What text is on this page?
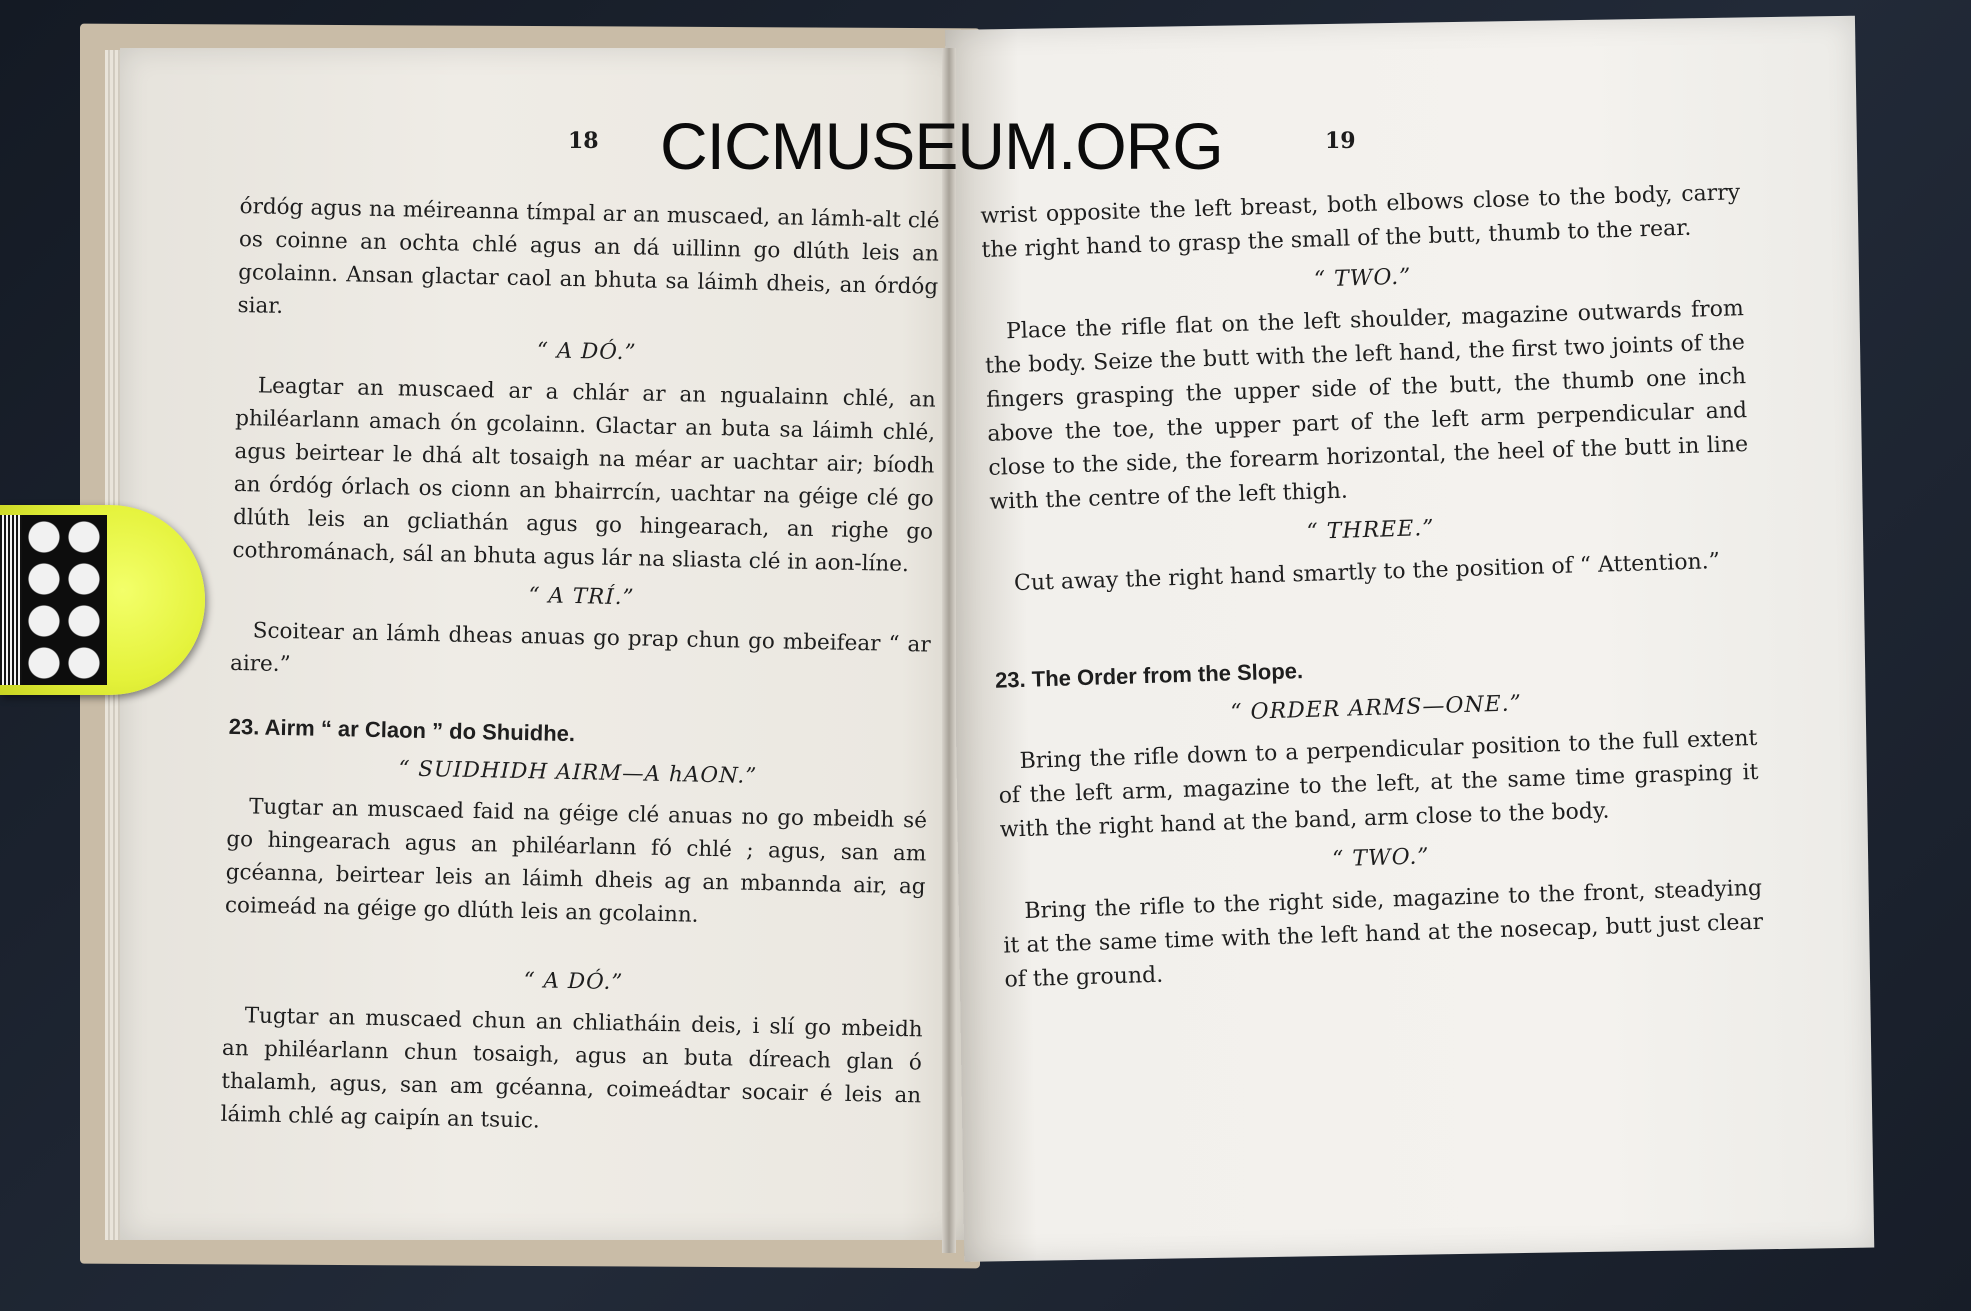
18	19
CICMUSEUM.ORG

órdóg agus na méireanna tímpal ar an muscaed, an lámh-alt clé os coinne an ochta chlé agus an dá uillinn go dlúth leis an gcolainn. Ansan glactar caol an bhuta sa láimh dheis, an órdóg siar.

“ A DÓ.”

Leagtar an muscaed ar a chlár ar an ngualainn chlé, an philéarlann amach ón gcolainn. Glactar an buta sa láimh chlé, agus beirtear le dhá alt tosaigh na méar ar uachtar air; bíodh an órdóg órlach os cionn an bhairrcín, uachtar na géige clé go dlúth leis an gcliathán agus go hingearach, an righe go cothrománach, sál an bhuta agus lár na sliasta clé in aon-líne.

“ A TRÍ.”

Scoitear an lámh dheas anuas go prap chun go mbeifear “ ar aire.”

23. Airm “ ar Claon ” do Shuidhe.

“ SUIDHIDH AIRM—A hAON.”

Tugtar an muscaed faid na géige clé anuas no go mbeidh sé go hingearach agus an philéarlann fó chlé ; agus, san am gcéanna, beirtear leis an láimh dheis ag an mbannda air, ag coimeád na géige go dlúth leis an gcolainn.

“ A DÓ.”

Tugtar an muscaed chun an chliatháin deis, i slí go mbeidh an philéarlann chun tosaigh, agus an buta díreach glan ó thalamh, agus, san am gcéanna, coimeádtar socair é leis an láimh chlé ag caipín an tsuic.

wrist opposite the left breast, both elbows close to the body, carry the right hand to grasp the small of the butt, thumb to the rear.

“ TWO.”

Place the rifle flat on the left shoulder, magazine outwards from the body. Seize the butt with the left hand, the first two joints of the fingers grasping the upper side of the butt, the thumb one inch above the toe, the upper part of the left arm perpendicular and close to the side, the forearm horizontal, the heel of the butt in line with the centre of the left thigh.

“ THREE.”

Cut away the right hand smartly to the position of “ Attention.”

23. The Order from the Slope.

“ ORDER ARMS—ONE.”

Bring the rifle down to a perpendicular position to the full extent of the left arm, magazine to the left, at the same time grasping it with the right hand at the band, arm close to the body.

“ TWO.”

Bring the rifle to the right side, magazine to the front, steadying it at the same time with the left hand at the nosecap, butt just clear of the ground.
